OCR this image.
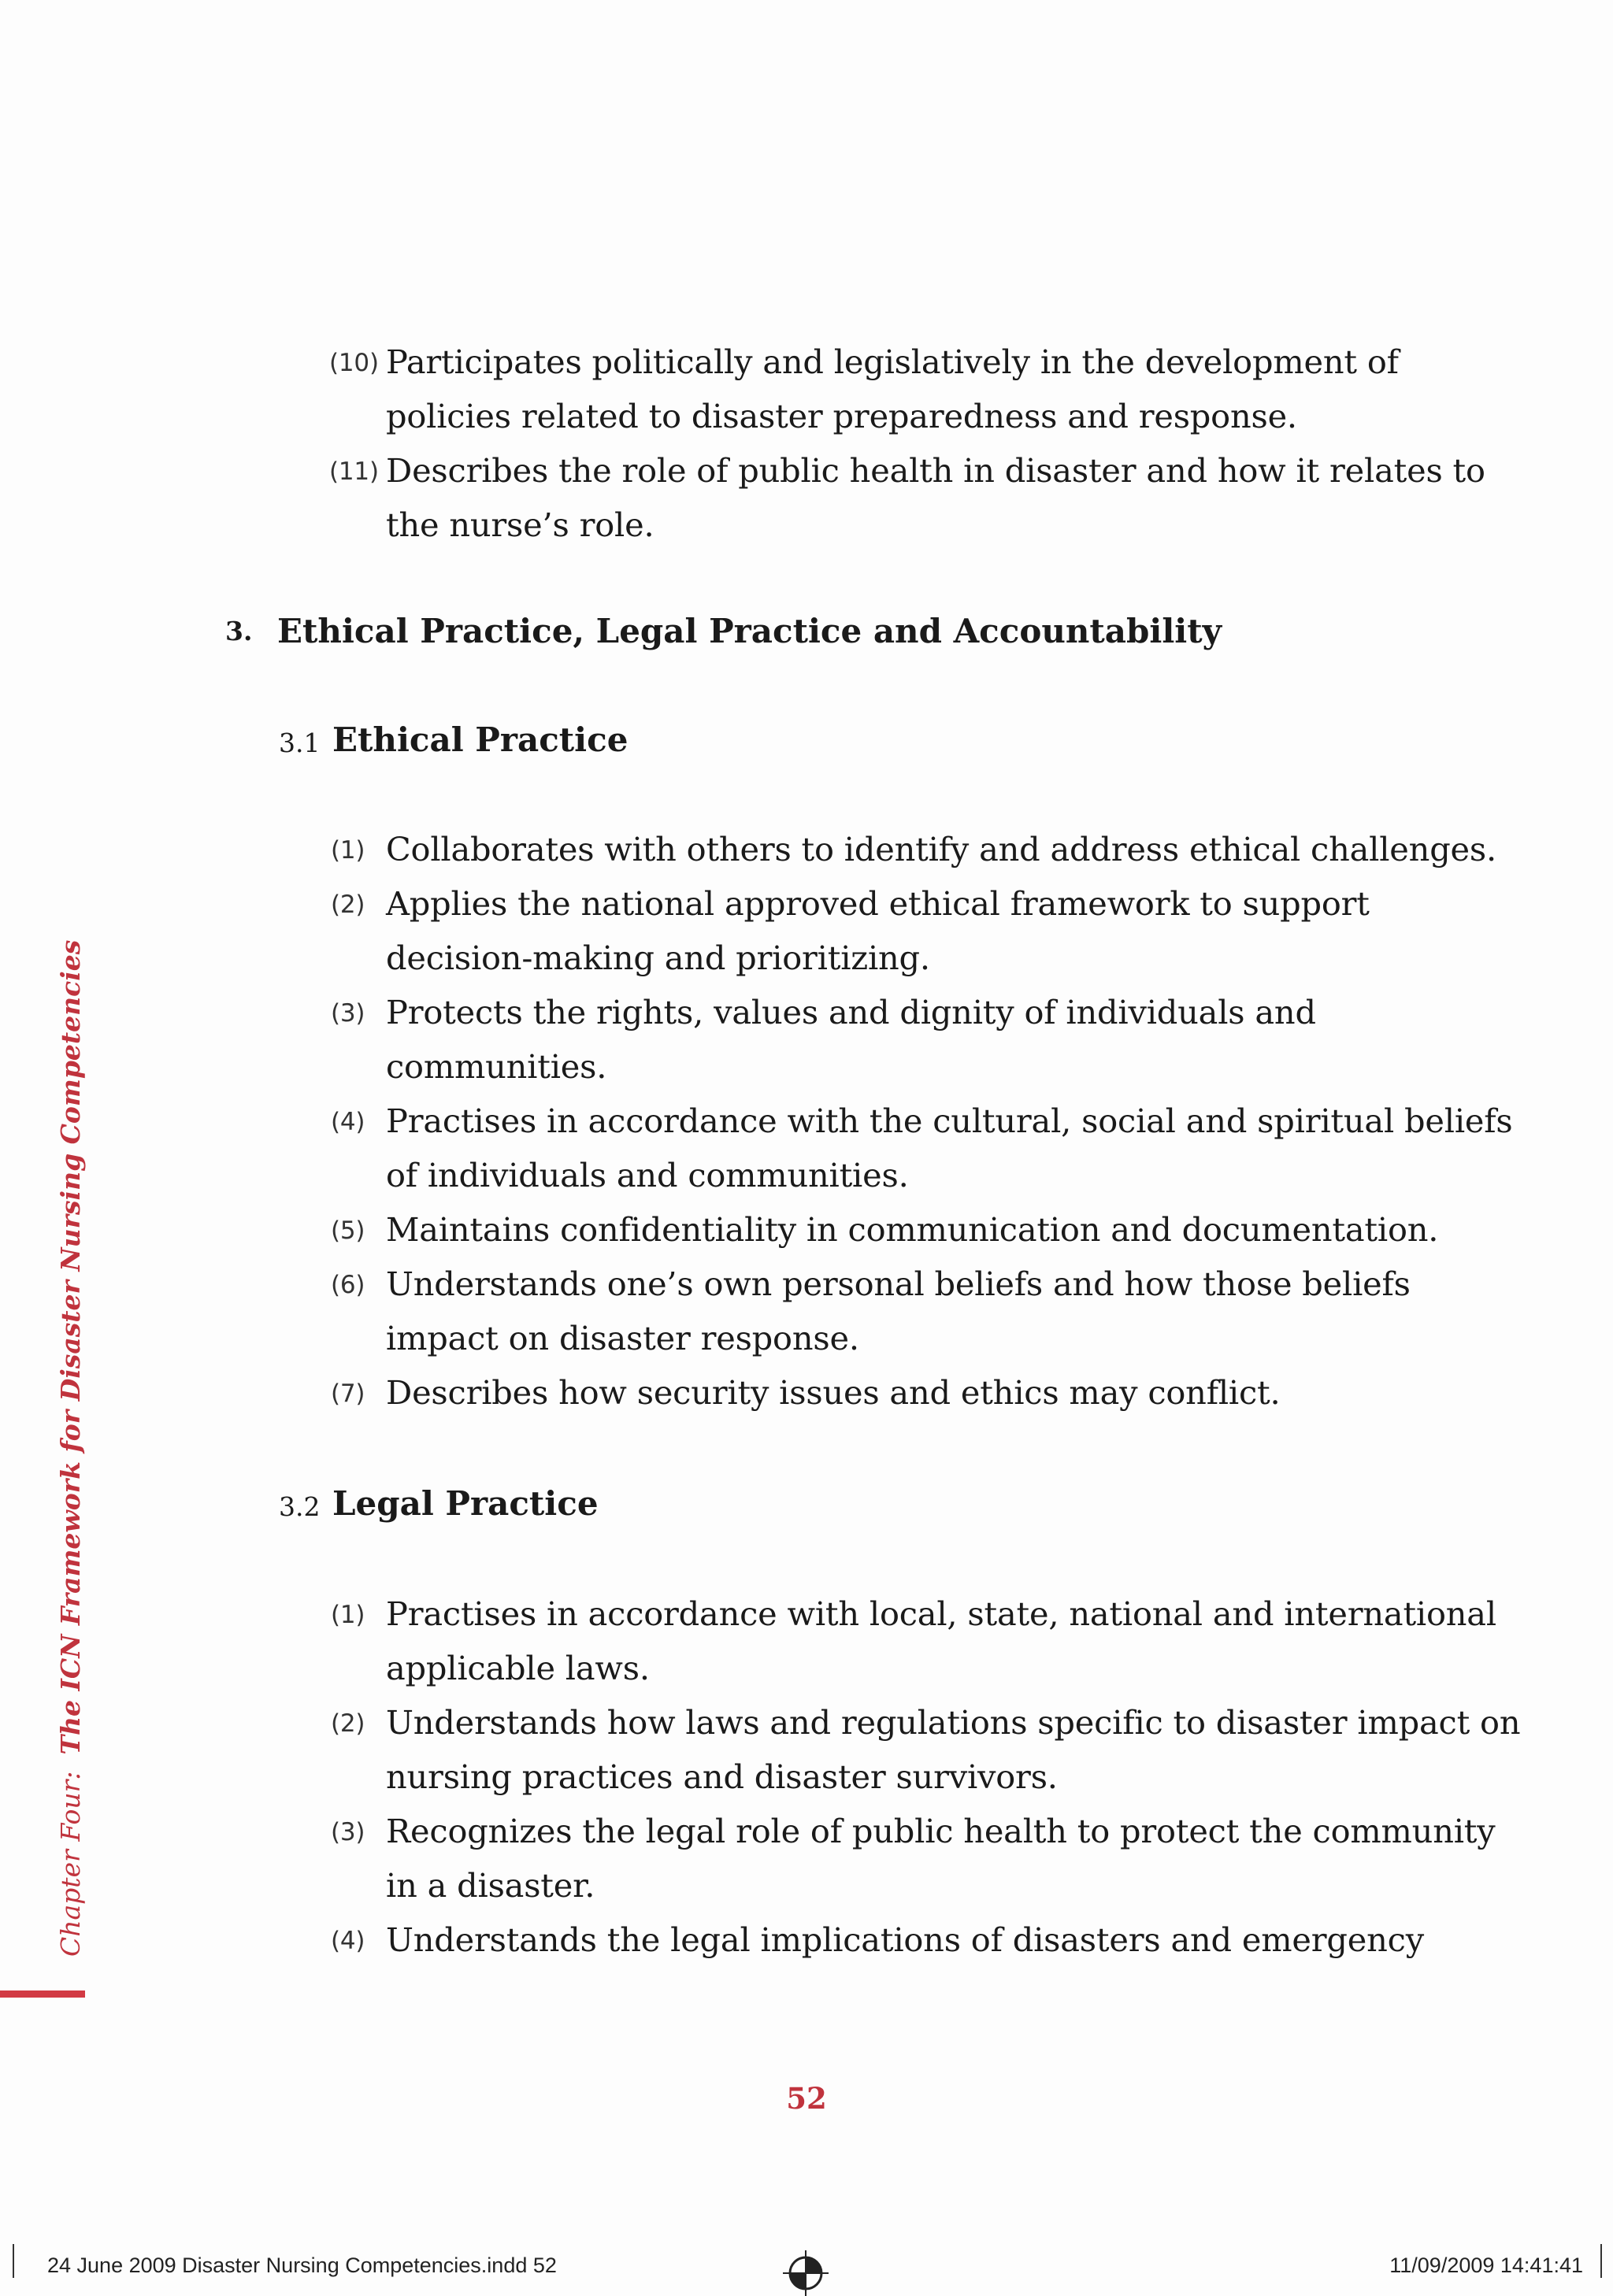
(10) Participates politically and legislatively in the development of
policies related to disaster preparedness and response.
(11) Describes the role of public health in disaster and how it relates to
the nurse’s role.
3. Ethical Practice, Legal Practice and Accountability
3.1 Ethical Practice
(1) Collaborates with others to identify and address ethical challenges.
(2) Applies the national approved ethical framework to support
decision-making and prioritizing.
(3) Protects the rights, values and dignity of individuals and
communities.
(4) Practises in accordance with the cultural, social and spiritual beliefs
of individuals and communities.
(5) Maintains confidentiality in communication and documentation.
(6) Understands one’s own personal beliefs and how those beliefs
impact on disaster response.
(7) Describes how security issues and ethics may conflict.
3.2 Legal Practice
(1) Practises in accordance with local, state, national and international
applicable laws.
(2) Understands how laws and regulations specific to disaster impact on
nursing practices and disaster survivors.
(3) Recognizes the legal role of public health to protect the community
in a disaster.
(4) Understands the legal implications of disasters and emergency
Chapter Four:  The ICN Framework for Disaster Nursing Competencies
52
24 June 2009 Disaster Nursing Competencies.indd 52	11/09/2009 14:41:41
